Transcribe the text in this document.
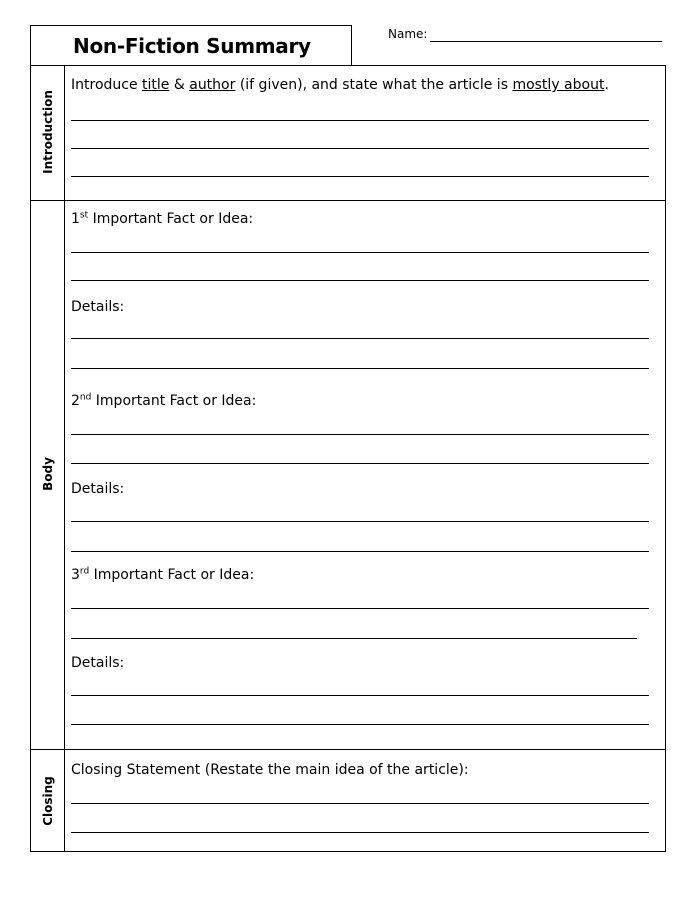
Non-Fiction Summary	Name:
Introduction
Body
Closing
Introduce title & author (if given), and state what the article is mostly about.
1st Important Fact or Idea:
Details:
2nd Important Fact or Idea:
Details:
3rd Important Fact or Idea:
Details:
Closing Statement (Restate the main idea of the article):
